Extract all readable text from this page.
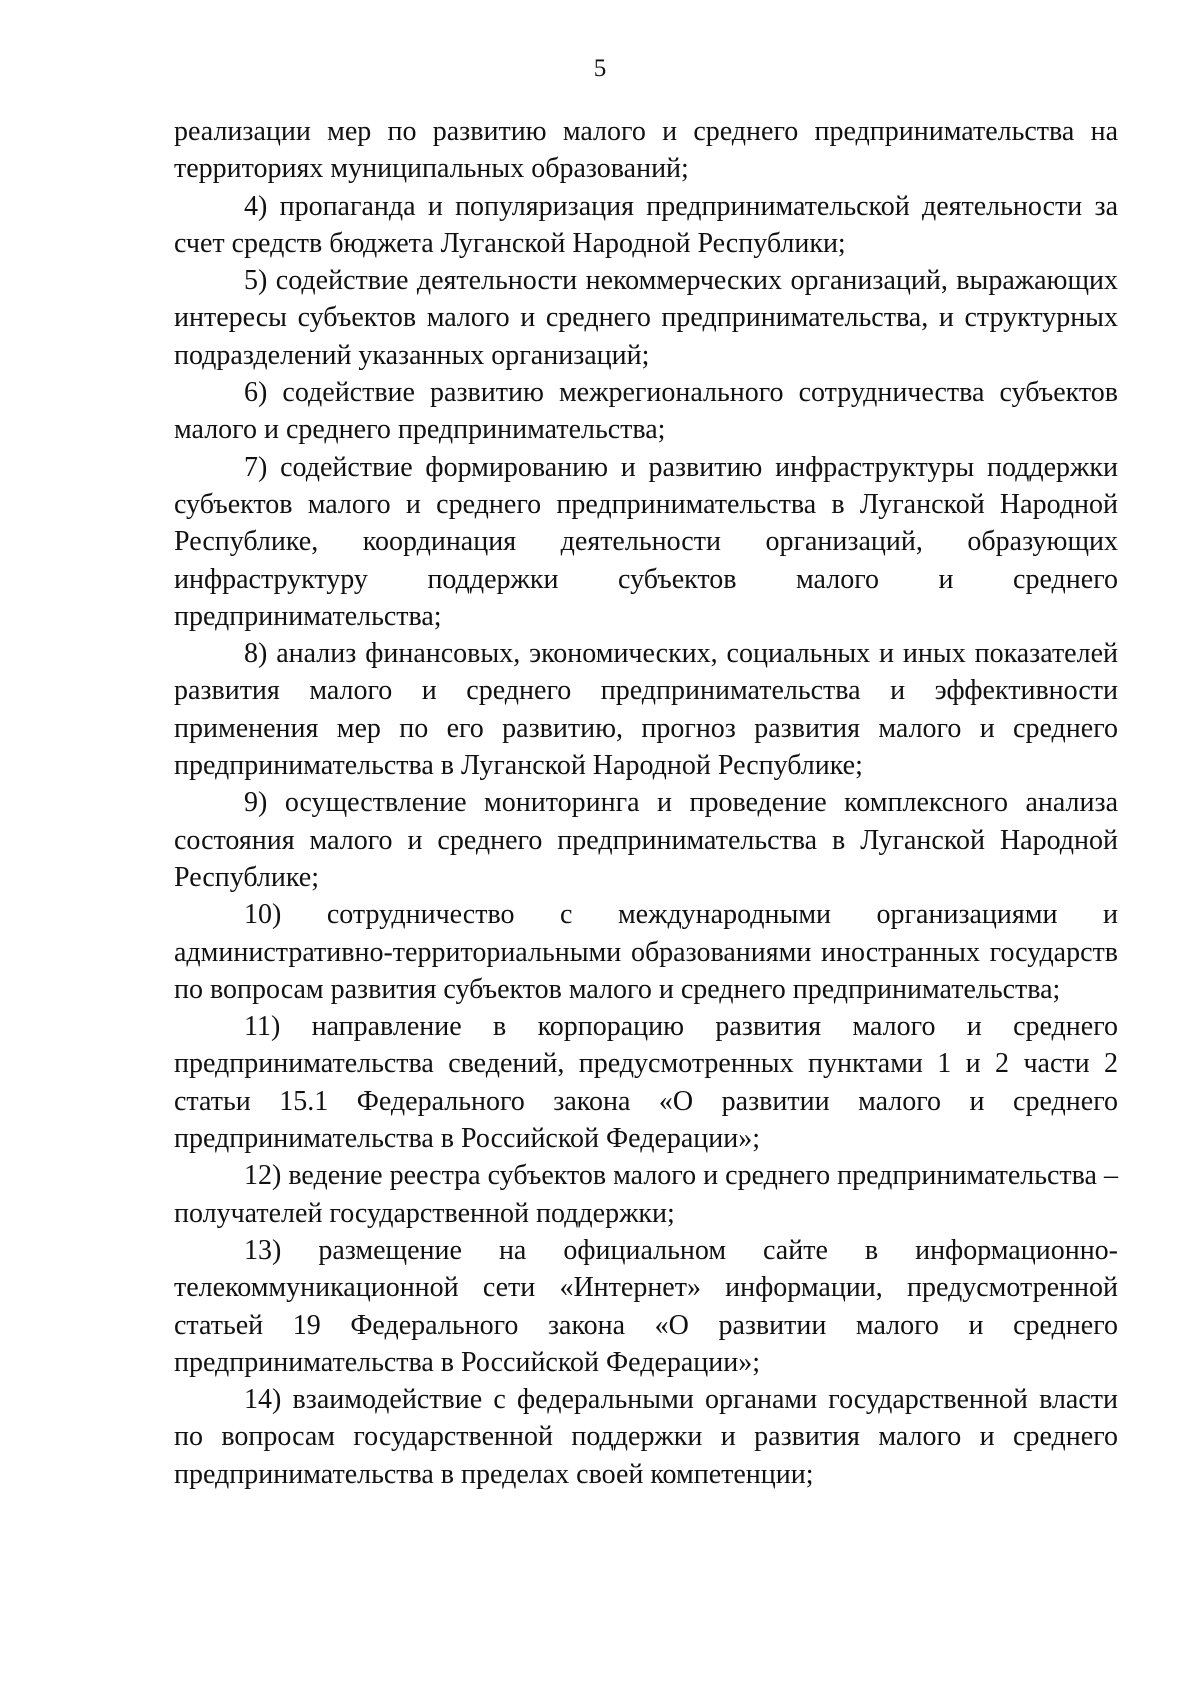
5

реализации мер по развитию малого и среднего предпринимательства на территориях муниципальных образований;

4) пропаганда и популяризация предпринимательской деятельности за счет средств бюджета Луганской Народной Республики;

5) содействие деятельности некоммерческих организаций, выражающих интересы субъектов малого и среднего предпринимательства, и структурных подразделений указанных организаций;

6) содействие развитию межрегионального сотрудничества субъектов малого и среднего предпринимательства;

7) содействие формированию и развитию инфраструктуры поддержки субъектов малого и среднего предпринимательства в Луганской Народной Республике, координация деятельности организаций, образующих инфраструктуру поддержки субъектов малого и среднего предпринимательства;

8) анализ финансовых, экономических, социальных и иных показателей развития малого и среднего предпринимательства и эффективности применения мер по его развитию, прогноз развития малого и среднего предпринимательства в Луганской Народной Республике;

9) осуществление мониторинга и проведение комплексного анализа состояния малого и среднего предпринимательства в Луганской Народной Республике;

10) сотрудничество с международными организациями и административно-территориальными образованиями иностранных государств по вопросам развития субъектов малого и среднего предпринимательства;

11) направление в корпорацию развития малого и среднего предпринимательства сведений, предусмотренных пунктами 1 и 2 части 2 статьи 15.1 Федерального закона «О развитии малого и среднего предпринимательства в Российской Федерации»;

12) ведение реестра субъектов малого и среднего предпринимательства – получателей государственной поддержки;

13) размещение на официальном сайте в информационно-телекоммуникационной сети «Интернет» информации, предусмотренной статьей 19 Федерального закона «О развитии малого и среднего предпринимательства в Российской Федерации»;

14) взаимодействие с федеральными органами государственной власти по вопросам государственной поддержки и развития малого и среднего предпринимательства в пределах своей компетенции;
